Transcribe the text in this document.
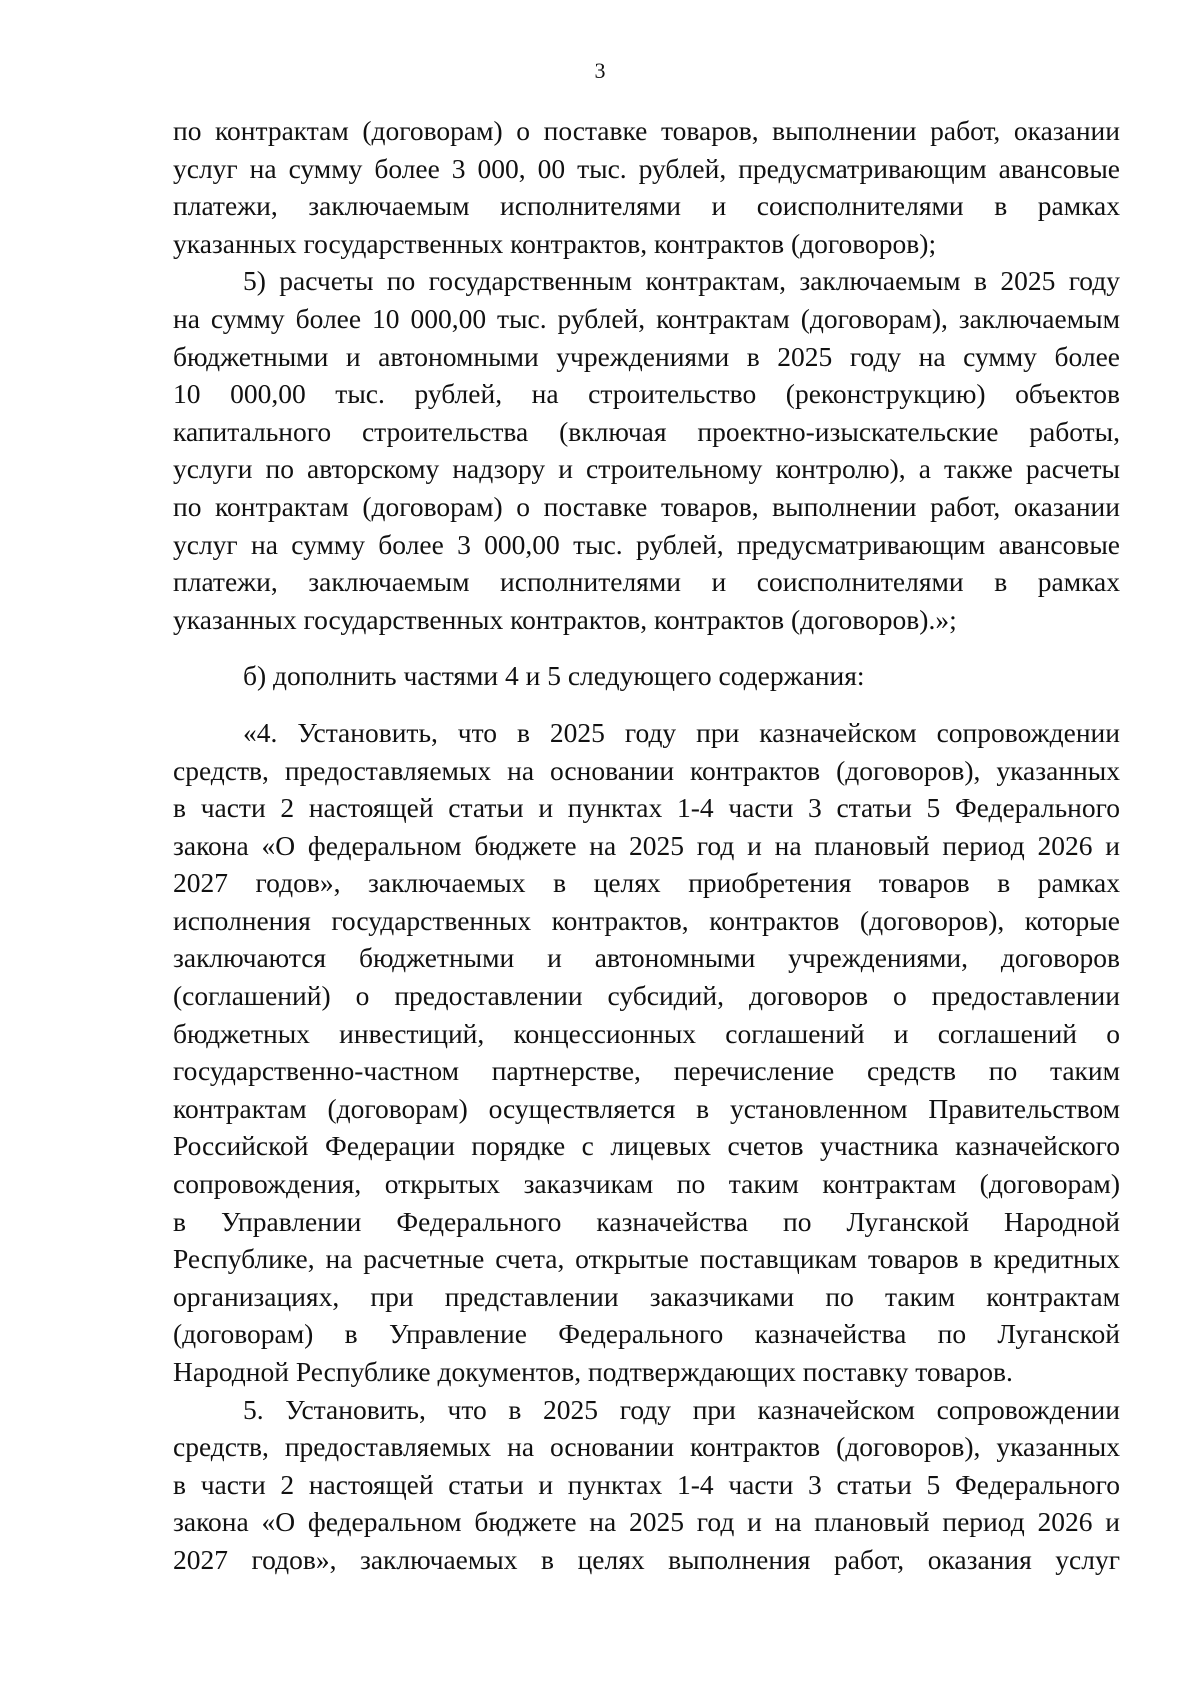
3
по контрактам (договорам) о поставке товаров, выполнении работ, оказании
услуг на сумму более 3 000, 00 тыс. рублей, предусматривающим авансовые
платежи, заключаемым исполнителями и соисполнителями в рамках
указанных государственных контрактов, контрактов (договоров);
5) расчеты по государственным контрактам, заключаемым в 2025 году
на сумму более 10 000,00 тыс. рублей, контрактам (договорам), заключаемым
бюджетными и автономными учреждениями в 2025 году на сумму более
10 000,00 тыс. рублей, на строительство (реконструкцию) объектов
капитального строительства (включая проектно-изыскательские работы,
услуги по авторскому надзору и строительному контролю), а также расчеты
по контрактам (договорам) о поставке товаров, выполнении работ, оказании
услуг на сумму более 3 000,00 тыс. рублей, предусматривающим авансовые
платежи, заключаемым исполнителями и соисполнителями в рамках
указанных государственных контрактов, контрактов (договоров).»;
б) дополнить частями 4 и 5 следующего содержания:
«4. Установить, что в 2025 году при казначейском сопровождении
средств, предоставляемых на основании контрактов (договоров), указанных
в части 2 настоящей статьи и пунктах 1-4 части 3 статьи 5 Федерального
закона «О федеральном бюджете на 2025 год и на плановый период 2026 и
2027 годов», заключаемых в целях приобретения товаров в рамках
исполнения государственных контрактов, контрактов (договоров), которые
заключаются бюджетными и автономными учреждениями, договоров
(соглашений) о предоставлении субсидий, договоров о предоставлении
бюджетных инвестиций, концессионных соглашений и соглашений о
государственно-частном партнерстве, перечисление средств по таким
контрактам (договорам) осуществляется в установленном Правительством
Российской Федерации порядке с лицевых счетов участника казначейского
сопровождения, открытых заказчикам по таким контрактам (договорам)
в Управлении Федерального казначейства по Луганской Народной
Республике, на расчетные счета, открытые поставщикам товаров в кредитных
организациях, при представлении заказчиками по таким контрактам
(договорам) в Управление Федерального казначейства по Луганской
Народной Республике документов, подтверждающих поставку товаров.
5. Установить, что в 2025 году при казначейском сопровождении
средств, предоставляемых на основании контрактов (договоров), указанных
в части 2 настоящей статьи и пунктах 1-4 части 3 статьи 5 Федерального
закона «О федеральном бюджете на 2025 год и на плановый период 2026 и
2027 годов», заключаемых в целях выполнения работ, оказания услуг
